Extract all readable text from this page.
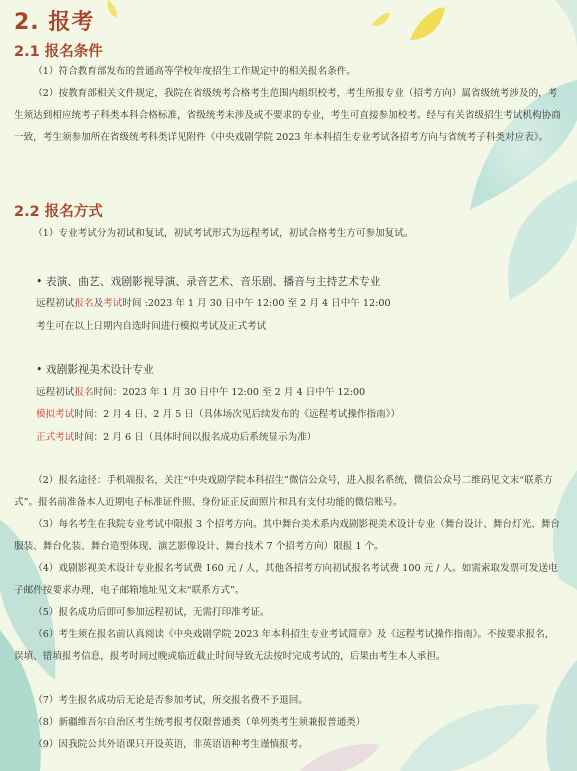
2. 报考
2.1 报名条件

（1）符合教育部发布的普通高等学校年度招生工作规定中的相关报名条件。

（2）按教育部相关文件规定，我院在省级统考合格考生范围内组织校考，考生所报专业（招考方向）属省级统考涉及的，考生须达到相应统考子科类本科合格标准，省级统考未涉及或不要求的专业，考生可直接参加校考。经与有关省级招生考试机构协商一致，考生须参加所在省级统考科类详见附件《中央戏剧学院 2023 年本科招生专业考试各招考方向与省统考子科类对应表》。

2.2 报名方式

（1）专业考试分为初试和复试，初试考试形式为远程考试，初试合格考生方可参加复试。

• 表演、曲艺、戏剧影视导演、录音艺术、音乐剧、播音与主持艺术专业

远程初试报名及考试时间 :2023 年 1 月 30 日中午 12:00 至 2 月 4 日中午 12:00

考生可在以上日期内自选时间进行模拟考试及正式考试

• 戏剧影视美术设计专业

远程初试报名时间：2023 年 1 月 30 日中午 12:00 至 2 月 4 日中午 12:00

模拟考试时间：2 月 4 日、2 月 5 日（具体场次见后续发布的《远程考试操作指南》）

正式考试时间：2 月 6 日（具体时间以报名成功后系统显示为准）

（2）报名途径：手机端报名，关注“中央戏剧学院本科招生”微信公众号，进入报名系统，微信公众号二维码见文末“联系方式”。报名前准备本人近期电子标准证件照、身份证正反面照片和具有支付功能的微信账号。

（3）每名考生在我院专业考试中限报 3 个招考方向。其中舞台美术系内戏剧影视美术设计专业（舞台设计、舞台灯光、舞台服装、舞台化装、舞台造型体现、演艺影像设计、舞台技术 7 个招考方向）限报 1 个。

（4）戏剧影视美术设计专业报名考试费 160 元 / 人，其他各招考方向初试报名考试费 100 元 / 人。如需索取发票可发送电子邮件按要求办理，电子邮箱地址见文末“联系方式”。

（5）报名成功后即可参加远程初试，无需打印准考证。

（6）考生须在报名前认真阅读《中央戏剧学院 2023 年本科招生专业考试简章》及《远程考试操作指南》。不按要求报名，误填、错填报考信息，报考时间过晚或临近截止时间导致无法按时完成考试的，后果由考生本人承担。

（7）考生报名成功后无论是否参加考试，所交报名费不予退回。

（8）新疆维吾尔自治区考生统考报考仅限普通类（单列类考生须兼报普通类）

（9）因我院公共外语课只开设英语，非英语语种考生谨慎报考。
